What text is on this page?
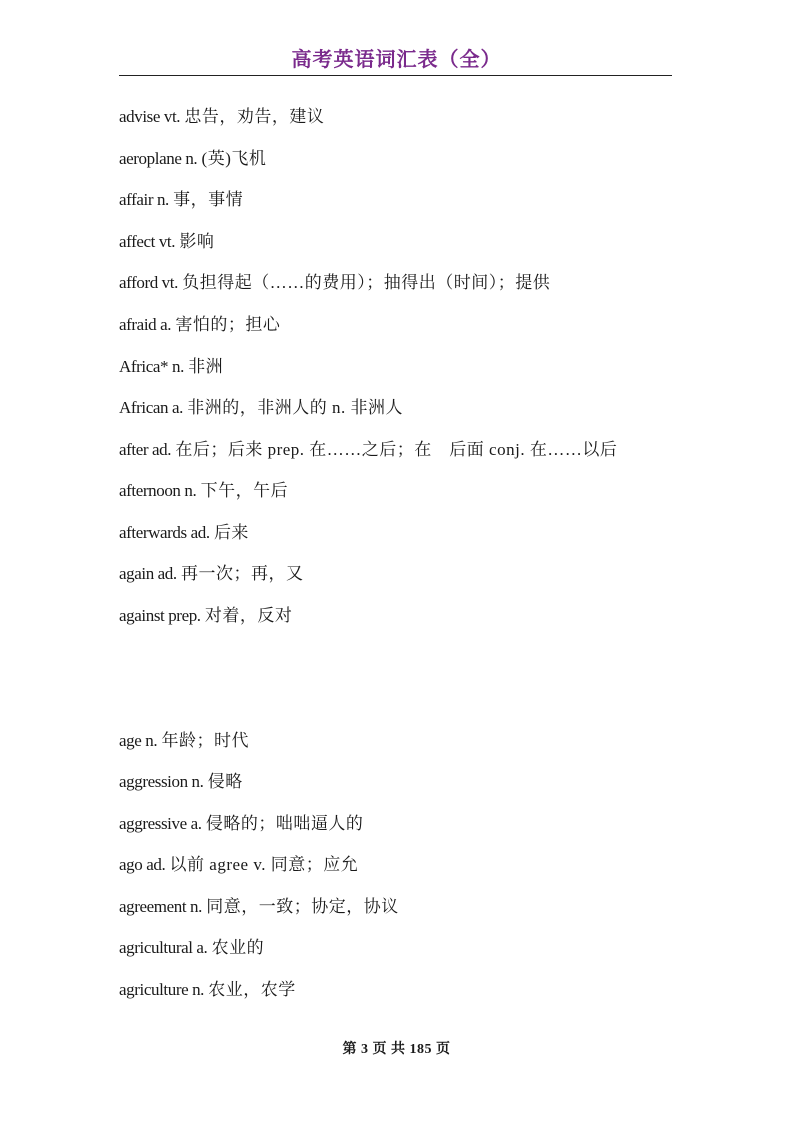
高考英语词汇表（全）
advise vt. 忠告，劝告，建议
aeroplane n. (英)飞机
affair n. 事，事情
affect vt. 影响
afford vt. 负担得起（……的费用）；抽得出（时间）；提供
afraid a. 害怕的；担心
Africa* n. 非洲
African a. 非洲的，非洲人的 n. 非洲人
after ad. 在后；后来 prep. 在……之后；在　后面 conj. 在……以后
afternoon n. 下午，午后
afterwards ad. 后来
again ad. 再一次；再，又
against prep. 对着，反对
age n. 年龄；时代
aggression n. 侵略
aggressive a. 侵略的；咄咄逼人的
ago ad. 以前 agree v. 同意；应允
agreement n. 同意，一致；协定，协议
agricultural a. 农业的
agriculture n. 农业，农学
第 3 页 共 185 页
